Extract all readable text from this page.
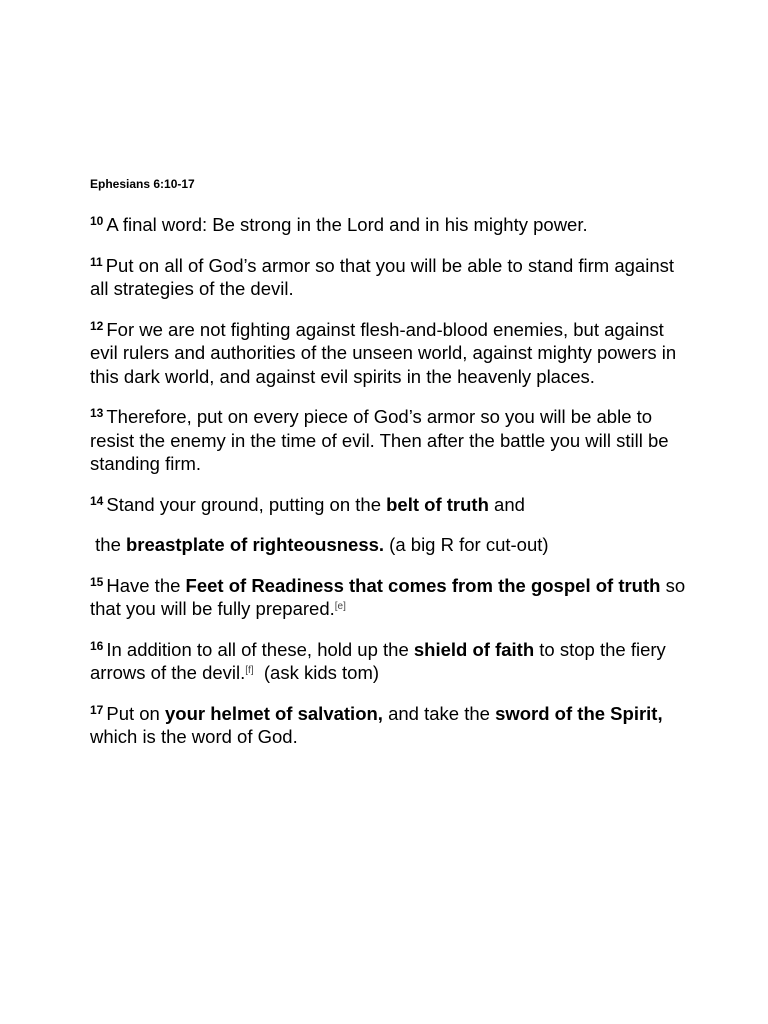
Ephesians 6:10-17

$^{10}$ A final word: Be strong in the Lord and in his mighty power.

$^{11}$ Put on all of God’s armor so that you will be able to stand firm against all strategies of the devil.

$^{12}$ For we are not fighting against flesh-and-blood enemies, but against evil rulers and authorities of the unseen world, against mighty powers in this dark world, and against evil spirits in the heavenly places.

$^{13}$ Therefore, put on every piece of God’s armor so you will be able to resist the enemy in the time of evil. Then after the battle you will still be standing firm.

$^{14}$ Stand your ground, putting on the belt of truth and

the breastplate of righteousness. (a big R for cut-out)

$^{15}$ Have the Feet of Readiness that comes from the gospel of truth so that you will be fully prepared.[e]

$^{16}$ In addition to all of these, hold up the shield of faith to stop the fiery arrows of the devil.[f]  (ask kids tom)

$^{17}$ Put on your helmet of salvation, and take the sword of the Spirit, which is the word of God.
